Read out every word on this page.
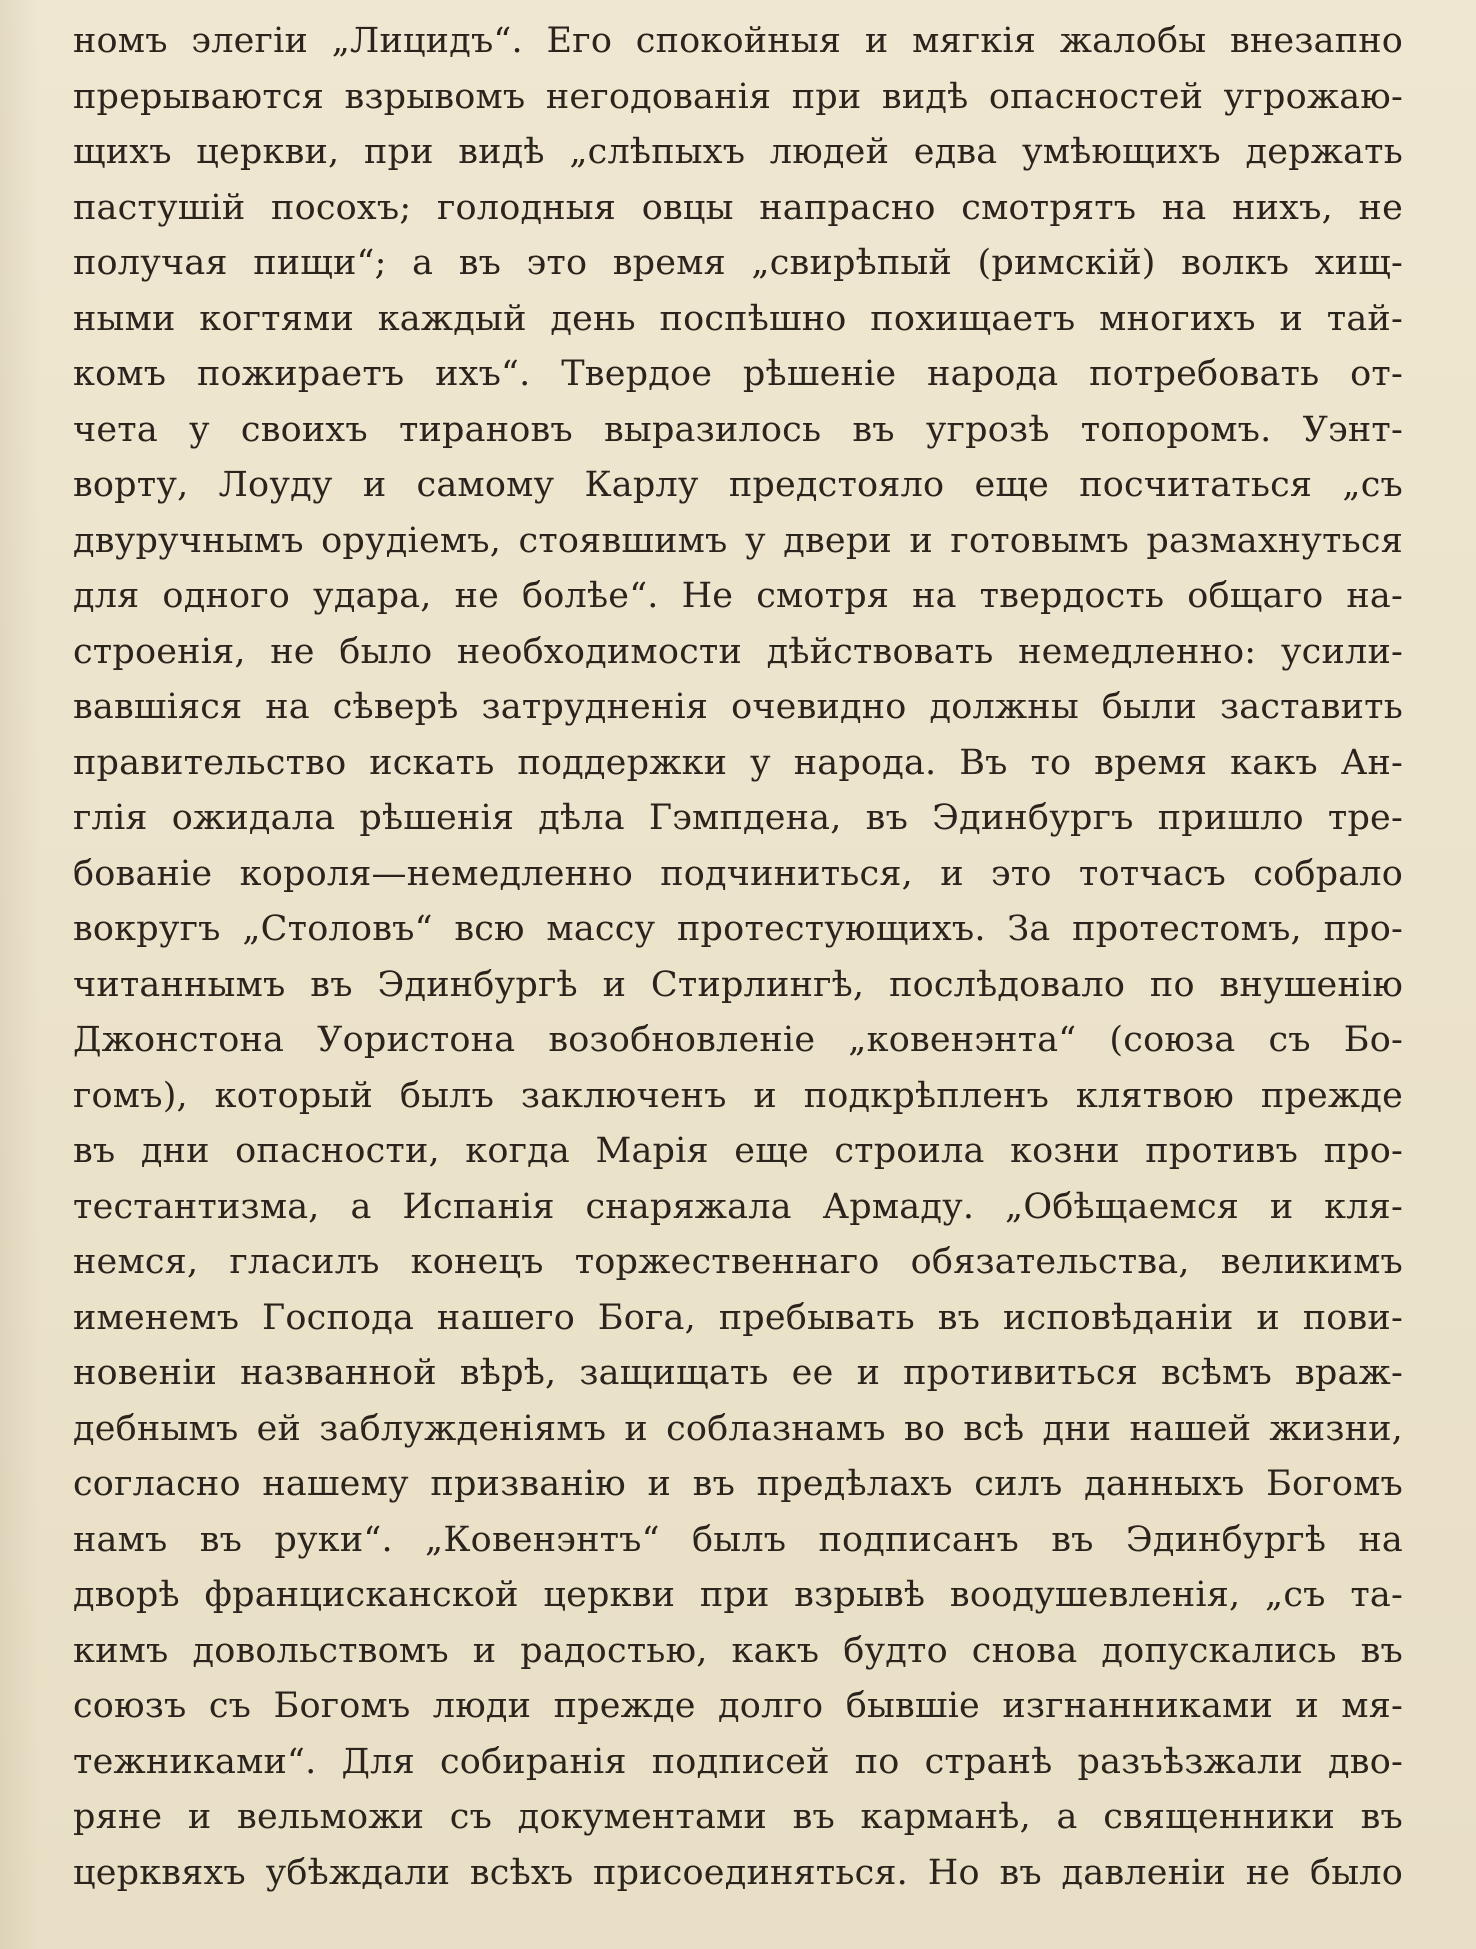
номъ элегіи „Лицидъ“. Его спокойныя и мягкія жалобы внезапно
прерываются взрывомъ негодованія при видѣ опасностей угрожаю-
щихъ церкви, при видѣ „слѣпыхъ людей едва умѣющихъ держать
пастушій посохъ; голодныя овцы напрасно смотрятъ на нихъ, не
получая пищи“; а въ это время „свирѣпый (римскій) волкъ хищ-
ными когтями каждый день поспѣшно похищаетъ многихъ и тай-
комъ пожираетъ ихъ“. Твердое рѣшеніе народа потребовать от-
чета у своихъ тирановъ выразилось въ угрозѣ топоромъ. Уэнт-
ворту, Лоуду и самому Карлу предстояло еще посчитаться „съ
двуручнымъ орудіемъ, стоявшимъ у двери и готовымъ размахнуться
для одного удара, не болѣе“. Не смотря на твердость общаго на-
строенія, не было необходимости дѣйствовать немедленно: усили-
вавшіяся на сѣверѣ затрудненія очевидно должны были заставить
правительство искать поддержки у народа. Въ то время какъ Ан-
глія ожидала рѣшенія дѣла Гэмпдена, въ Эдинбургъ пришло тре-
бованіе короля—немедленно подчиниться, и это тотчасъ собрало
вокругъ „Столовъ“ всю массу протестующихъ. За протестомъ, про-
читаннымъ въ Эдинбургѣ и Стирлингѣ, послѣдовало по внушенію
Джонстона Уористона возобновленіе „ковенэнта“ (союза съ Бо-
гомъ), который былъ заключенъ и подкрѣпленъ клятвою прежде
въ дни опасности, когда Марія еще строила козни противъ про-
тестантизма, а Испанія снаряжала Армаду. „Обѣщаемся и кля-
немся, гласилъ конецъ торжественнаго обязательства, великимъ
именемъ Господа нашего Бога, пребывать въ исповѣданіи и пови-
новеніи названной вѣрѣ, защищать ее и противиться всѣмъ враж-
дебнымъ ей заблужденіямъ и соблазнамъ во всѣ дни нашей жизни,
согласно нашему призванію и въ предѣлахъ силъ данныхъ Богомъ
намъ въ руки“. „Ковенэнтъ“ былъ подписанъ въ Эдинбургѣ на
дворѣ францисканской церкви при взрывѣ воодушевленія, „съ та-
кимъ довольствомъ и радостью, какъ будто снова допускались въ
союзъ съ Богомъ люди прежде долго бывшіе изгнанниками и мя-
тежниками“. Для собиранія подписей по странѣ разъѣзжали дво-
ряне и вельможи съ документами въ карманѣ, а священники въ
церквяхъ убѣждали всѣхъ присоединяться. Но въ давленіи не было
